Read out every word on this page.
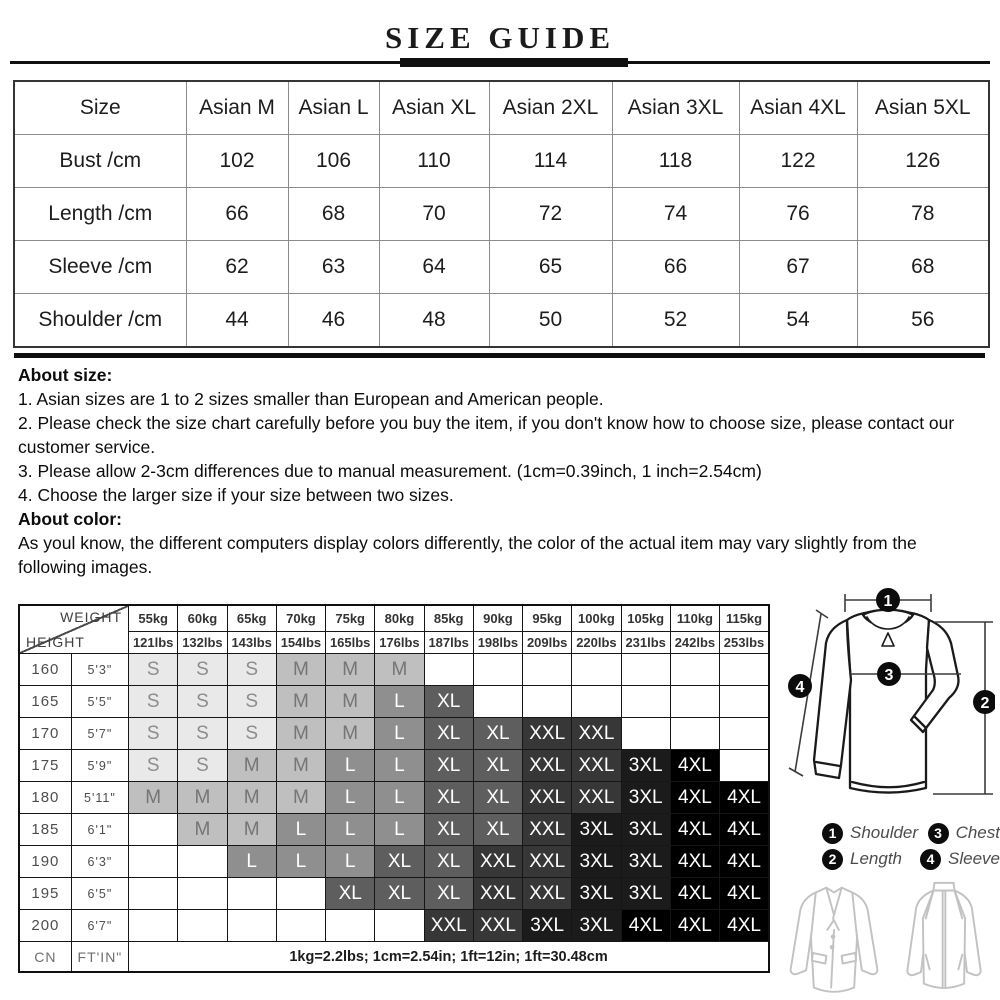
SIZE GUIDE
Size	Asian M	Asian L	Asian XL	Asian 2XL	Asian 3XL	Asian 4XL	Asian 5XL
Bust /cm	102	106	110	114	118	122	126
Length /cm	66	68	70	72	74	76	78
Sleeve /cm	62	63	64	65	66	67	68
Shoulder /cm	44	46	48	50	52	54	56
About size:
1. Asian sizes are 1 to 2 sizes smaller than European and American people.
2. Please check the size chart carefully before you buy the item, if you don't know how to choose size, please contact our customer service.
3. Please allow 2-3cm differences due to manual measurement. (1cm=0.39inch, 1 inch=2.54cm)
4. Choose the larger size if your size between two sizes.
About color:
As youl know, the different computers display colors differently, the color of the actual item may vary slightly from the following images.
WEIGHT
HEIGHT		55kg	60kg	65kg	70kg	75kg	80kg	85kg	90kg	95kg	100kg	105kg	110kg	115kg
		121lbs	132lbs	143lbs	154lbs	165lbs	176lbs	187lbs	198lbs	209lbs	220lbs	231lbs	242lbs	253lbs
160	5'3"	S	S	S	M	M	M							
165	5'5"	S	S	S	M	M	L	XL						
170	5'7"	S	S	S	M	M	L	XL	XL	XXL	XXL			
175	5'9"	S	S	M	M	L	L	XL	XL	XXL	XXL	3XL	4XL	
180	5'11"	M	M	M	M	L	L	XL	XL	XXL	XXL	3XL	4XL	4XL
185	6'1"		M	M	L	L	L	XL	XL	XXL	3XL	3XL	4XL	4XL
190	6'3"			L	L	L	XL	XL	XXL	XXL	3XL	3XL	4XL	4XL
195	6'5"					XL	XL	XL	XXL	XXL	3XL	3XL	4XL	4XL
200	6'7"							XXL	XXL	3XL	3XL	4XL	4XL	4XL
CN	FT'IN"	1kg=2.2lbs; 1cm=2.54in; 1ft=12in; 1ft=30.48cm												
1
3
2
4
1 Shoulder	3 Chest
2 Length	4 Sleeve
